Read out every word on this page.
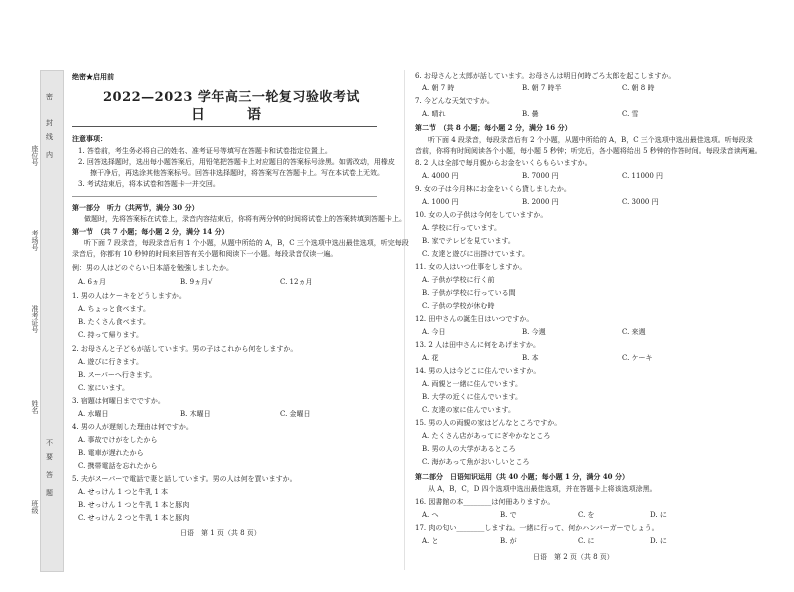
密
封
线
内
不
要
答
题
座位号
考场号
准考证号
姓名
班级
绝密★启用前
2022—2023 学年高三一轮复习验收考试
日　语
注意事项：
1. 答卷前，考生务必将自己的姓名、准考证号等填写在答题卡和试卷指定位置上。
2. 回答选择题时，选出每小题答案后，用铅笔把答题卡上对应题目的答案标号涂黑。如需改动，用橡皮
擦干净后，再选涂其他答案标号。回答非选择题时，将答案写在答题卡上。写在本试卷上无效。
3. 考试结束后，将本试卷和答题卡一并交回。
第一部分　听力（共两节，满分 30 分）
做题时，先将答案标在试卷上，录音内容结束后，你将有两分钟的时间将试卷上的答案转填到答题卡上。
第一节　（共 7 小题；每小题 2 分，满分 14 分）
听下面 7 段录音，每段录音后有 1 个小题，从题中所给的 A，B，C 三个选项中选出最佳选项，听完每段
录音后，你都有 10 秒钟的时间来回答有关小题和阅读下一小题。每段录音仅读一遍。
例：男の人はどのぐらい日本語を勉強しましたか。
A. 6ヵ月	B. 9ヵ月√	C. 12ヵ月
1. 男の人はケーキをどうしますか。
A. ちょっと食べます。
B. たくさん食べます。
C. 持って帰ります。
2. お母さんと子どもが話しています。男の子はこれから何をしますか。
A. 遊びに行きます。
B. スーパーへ行きます。
C. 家にいます。
3. 宿題は何曜日までですか。
A. 水曜日	B. 木曜日	C. 金曜日
4. 男の人が遅刻した理由は何ですか。
A. 事故でけがをしたから
B. 電車が遅れたから
C. 携帯電話を忘れたから
5. 夫がスーパーで電話で妻と話しています。男の人は何を買いますか。
A. せっけん 1 つと牛乳 1 本
B. せっけん 1 つと牛乳 1 本と豚肉
C. せっけん 2 つと牛乳 1 本と豚肉
日语　第 1 页（共 8 页）
6. お母さんと太郎が話しています。お母さんは明日何時ごろ太郎を起こしますか。
A. 朝 7 時	B. 朝 7 時半	C. 朝 8 時
7. 今どんな天気ですか。
A. 晴れ	B. 曇	C. 雪
第二节　（共 8 小题；每小题 2 分，满分 16 分）
听下面 4 段录音，每段录音后有 2 个小题，从题中所给的 A，B，C 三个选项中选出最佳选项。听每段录
音前，你将有时间阅读各个小题，每小题 5 秒钟；听完后，各小题将给出 5 秒钟的作答时间。每段录音读两遍。
8. 2 人は全部で毎月親からお金をいくらもらいますか。
A. 4000 円	B. 7000 円	C. 11000 円
9. 女の子は今月林にお金をいくら貸しましたか。
A. 1000 円	B. 2000 円	C. 3000 円
10. 女の人の子供は今何をしていますか。
A. 学校に行っています。
B. 家でテレビを見ています。
C. 友達と遊びに出掛けています。
11. 女の人はいつ仕事をしますか。
A. 子供が学校に行く前
B. 子供が学校に行っている間
C. 子供の学校が休む時
12. 田中さんの誕生日はいつですか。
A. 今日	B. 今週	C. 来週
13. 2 人は田中さんに何をあげますか。
A. 花	B. 本	C. ケーキ
14. 男の人は今どこに住んでいますか。
A. 両親と一緒に住んでいます。
B. 大学の近くに住んでいます。
C. 友達の家に住んでいます。
15. 男の人の両親の家はどんなところですか。
A. たくさん店があってにぎやかなところ
B. 男の人の大学があるところ
C. 海があって魚がおいしいところ
第二部分　日语知识运用（共 40 小题；每小题 1 分，满分 40 分）
从 A，B，C，D 四个选项中选出最佳选项，并在答题卡上将该选项涂黑。
16. 図書館の本________は何冊ありますか。
A. へ	B. で	C. を	D. に
17. 肉の匂い________しますね。一緒に行って、何かハンバーガーでしょう。
A. と	B. が	C. に	D. に
日语　第 2 页（共 8 页）
